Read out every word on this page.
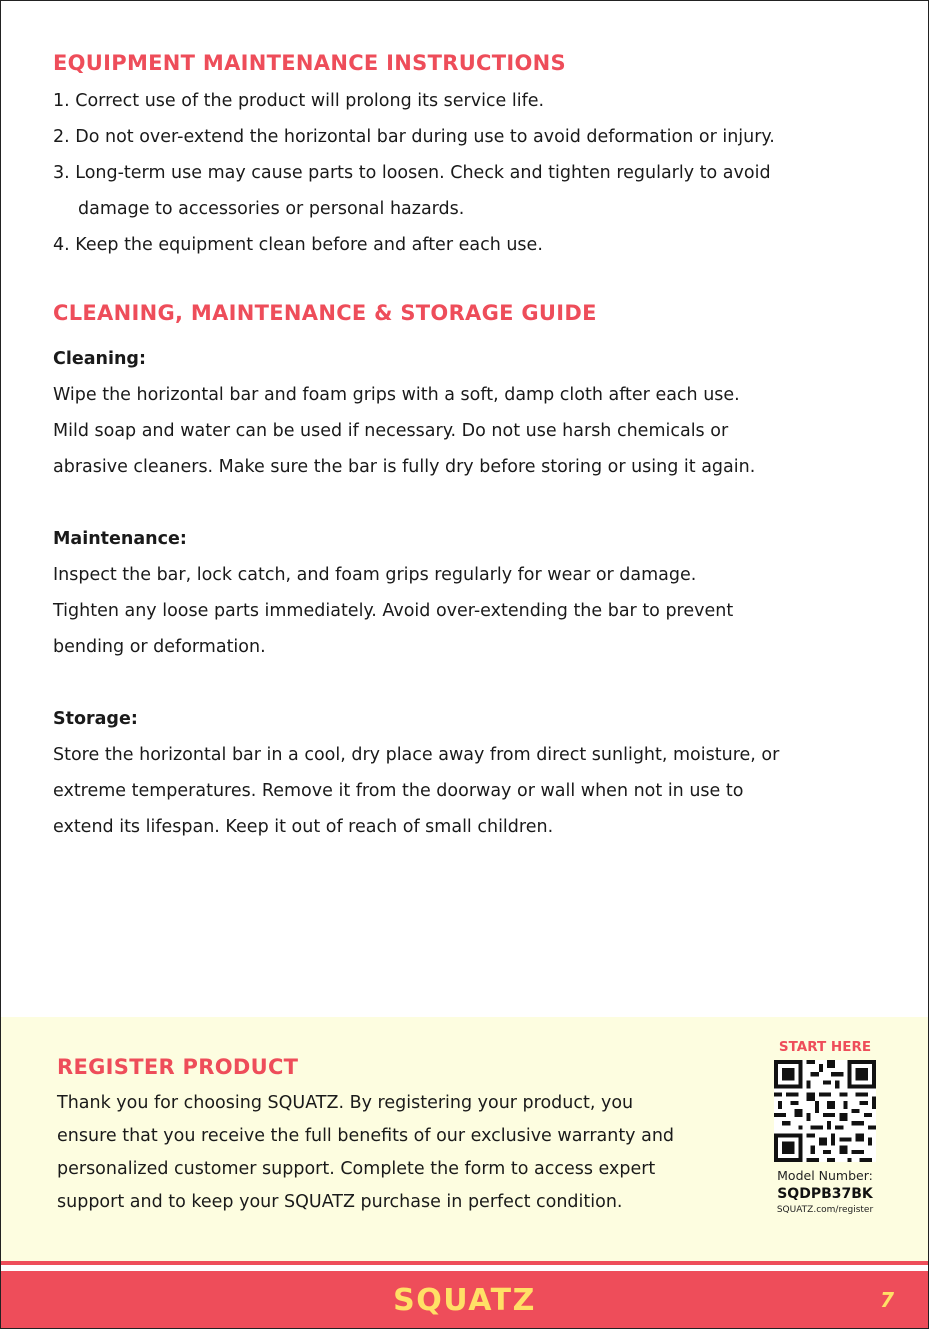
EQUIPMENT MAINTENANCE INSTRUCTIONS
1. Correct use of the product will prolong its service life.
2. Do not over-extend the horizontal bar during use to avoid deformation or injury.
3. Long-term use may cause parts to loosen. Check and tighten regularly to avoid
damage to accessories or personal hazards.
4. Keep the equipment clean before and after each use.
CLEANING, MAINTENANCE & STORAGE GUIDE

Cleaning:

Wipe the horizontal bar and foam grips with a soft, damp cloth after each use.

Mild soap and water can be used if necessary. Do not use harsh chemicals or

abrasive cleaners. Make sure the bar is fully dry before storing or using it again.

Maintenance:

Inspect the bar, lock catch, and foam grips regularly for wear or damage.

Tighten any loose parts immediately. Avoid over-extending the bar to prevent

bending or deformation.

Storage:

Store the horizontal bar in a cool, dry place away from direct sunlight, moisture, or

extreme temperatures. Remove it from the doorway or wall when not in use to

extend its lifespan. Keep it out of reach of small children.

REGISTER PRODUCT

Thank you for choosing SQUATZ. By registering your product, you
ensure that you receive the full benefits of our exclusive warranty and
personalized customer support. Complete the form to access expert
support and to keep your SQUATZ purchase in perfect condition.

START HERE
Model Number:
SQDPB37BK
SQUATZ.com/register
SQUATZ	7
